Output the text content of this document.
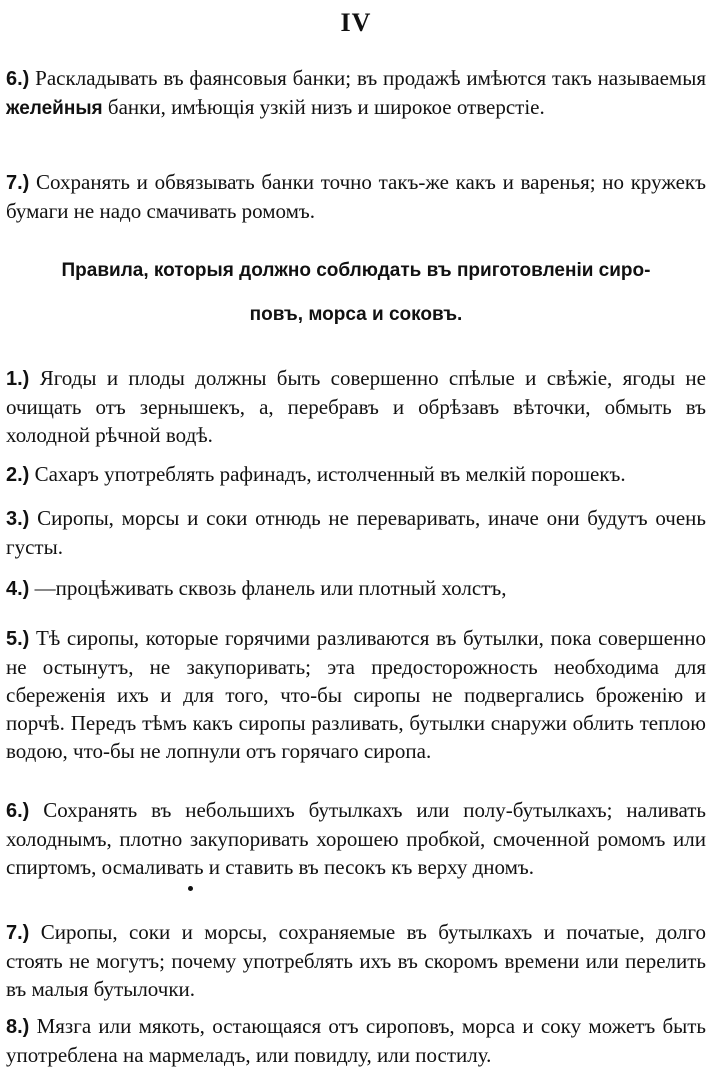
IV

6.) Раскладывать въ фаянсовыя банки; въ продажѣ имѣются такъ называемыя желейныя банки, имѣющія узкій низъ и широкое отверстіе.

7.) Сохранять и обвязывать банки точно такъ-же какъ и варенья; но кружекъ бумаги не надо смачивать ромомъ.

Правила, которыя должно соблюдать въ приготовленіи сиро-

повъ, морса и соковъ.

1.) Ягоды и плоды должны быть совершенно спѣлые и свѣжіе, ягоды не очищать отъ зернышекъ, а, перебравъ и обрѣзавъ вѣточки, обмыть въ холодной рѣчной водѣ.

2.) Сахаръ употреблять рафинадъ, истолченный въ мелкій порошекъ.

3.) Сиропы, морсы и соки отнюдь не переваривать, иначе они будутъ очень густы.

4.) —процѣживать сквозь фланель или плотный холстъ,

5.) Тѣ сиропы, которые горячими разливаются въ бутылки, пока совершенно не остынутъ, не закупоривать; эта предосторожность необходима для сбереженія ихъ и для того, что-бы сиропы не подвергались броженію и порчѣ. Передъ тѣмъ какъ сиропы разливать, бутылки снаружи облить теплою водою, что-бы не лопнули отъ горячаго сиропа.

6.) Сохранять въ небольшихъ бутылкахъ или полу-бутылкахъ; наливать холоднымъ, плотно закупоривать хорошею пробкой, смоченной ромомъ или спиртомъ, осмаливать и ставить въ песокъ къ верху дномъ.

7.) Сиропы, соки и морсы, сохраняемые въ бутылкахъ и початые, долго стоять не могутъ; почему употреблять ихъ въ скоромъ времени или перелить въ малыя бутылочки.

8.) Мязга или мякоть, остающаяся отъ сироповъ, морса и соку можетъ быть употреблена на мармеладъ, или повидлу, или постилу.
